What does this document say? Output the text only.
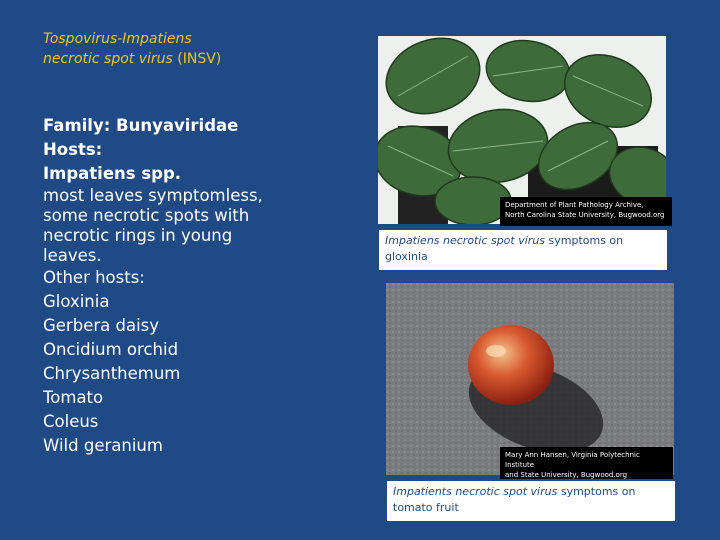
Tospovirus-Impatiens
necrotic spot virus (INSV)
Family: Bunyaviridae
Hosts:
Impatiens spp.
most leaves symptomless,
some necrotic spots with
necrotic rings in young
leaves.
Other hosts:
Gloxinia
Gerbera daisy
Oncidium orchid
Chrysanthemum
Tomato
Coleus
Wild geranium
Department of Plant Pathology Archive,
North Carolina State University, Bugwood.org
Impatiens necrotic spot virus symptoms on gloxinia
Mary Ann Hansen, Virginia Polytechnic Institute
and State University, Bugwood.org
Impatients necrotic spot virus symptoms on tomato fruit
